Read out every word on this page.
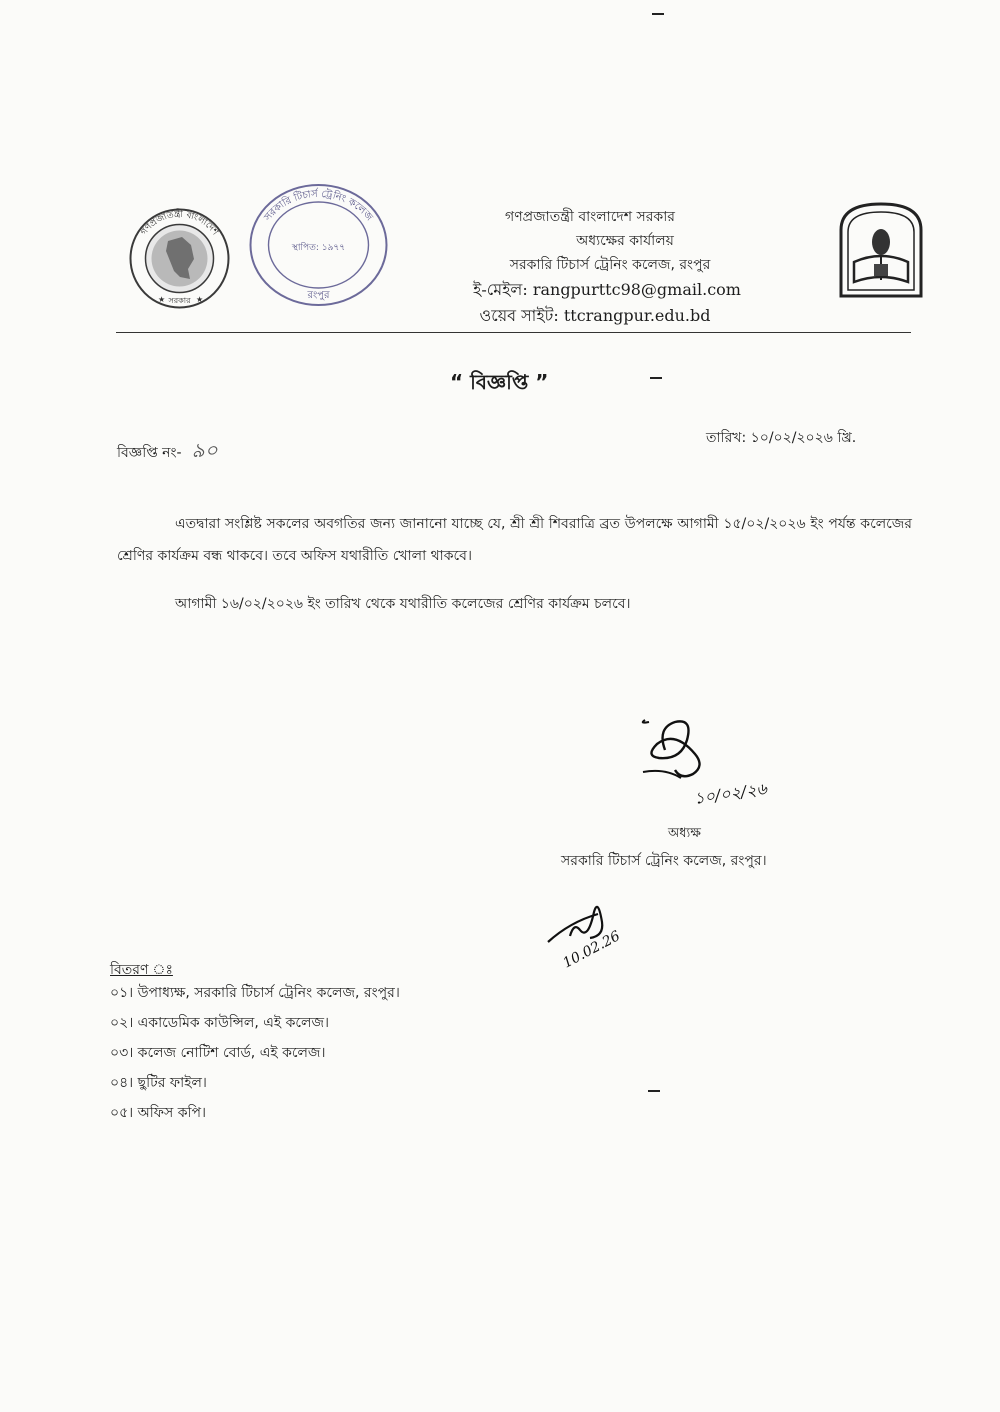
গণপ্রজাতন্ত্রী বাংলাদেশ
সরকার
★	★
সরকারি টিচার্স ট্রেনিং কলেজ
স্থাপিত: ১৯৭৭
রংপুর
গণপ্রজাতন্ত্রী বাংলাদেশ সরকার
অধ্যক্ষের কার্যালয়
সরকারি টিচার্স ট্রেনিং কলেজ, রংপুর
ই-মেইল: rangpurttc98@gmail.com
ওয়েব সাইট: ttcrangpur.edu.bd
“ বিজ্ঞপ্তি ”
বিজ্ঞপ্তি নং- ৯০	তারিখ: ১০/০২/২০২৬ খ্রি.
এতদ্বারা সংশ্লিষ্ট সকলের অবগতির জন্য জানানো যাচ্ছে যে, শ্রী শ্রী শিবরাত্রি ব্রত উপলক্ষে আগামী ১৫/০২/২০২৬ ইং পর্যন্ত কলেজের শ্রেণির কার্যক্রম বন্ধ থাকবে। তবে অফিস যথারীতি খোলা থাকবে।
আগামী ১৬/০২/২০২৬ ইং তারিখ থেকে যথারীতি কলেজের শ্রেণির কার্যক্রম চলবে।
১০/০২/২৬
অধ্যক্ষ
সরকারি টিচার্স ট্রেনিং কলেজ, রংপুর।
10.02.26
বিতরণ ঃ
০১। উপাধ্যক্ষ, সরকারি টিচার্স ট্রেনিং কলেজ, রংপুর।
০২। একাডেমিক কাউন্সিল, এই কলেজ।
০৩। কলেজ নোটিশ বোর্ড, এই কলেজ।
০৪। ছুটির ফাইল।
০৫। অফিস কপি।
